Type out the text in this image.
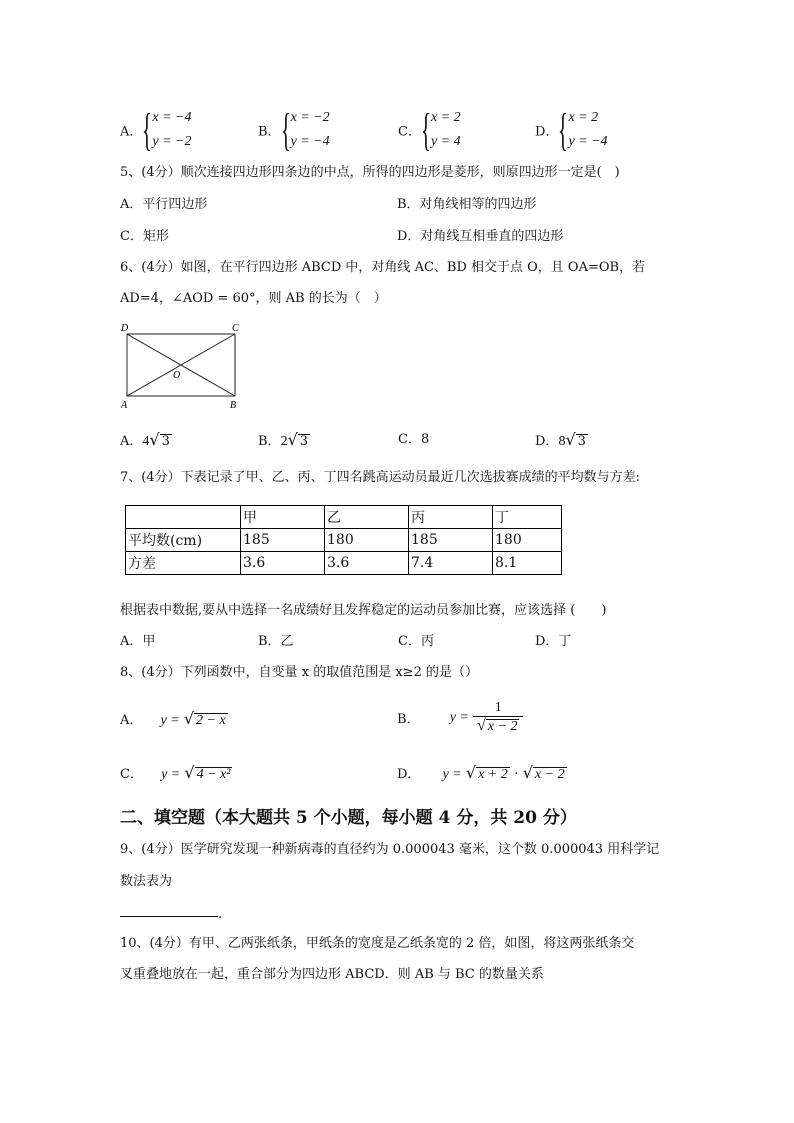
A． { x = −4
y = −2
B． { x = −2
y = −4
C． { x = 2
y = 4
D． { x = 2
y = −4
5、(4分）顺次连接四边形四条边的中点，所得的四边形是菱形，则原四边形一定是(　)
A．平行四边形	B．对角线相等的四边形
C．矩形	D．对角线互相垂直的四边形
6、(4分）如图，在平行四边形 ABCD 中，对角线 AC、BD 相交于点 O，且 OA=OB，若
AD=4，∠AOD = 60°，则 AB 的长为（　）
D	C
O
A	B
A．4√ 3	B．2√ 3	C．8	D．8√ 3
7、(4分）下表记录了甲、乙、丙、丁四名跳高运动员最近几次选拔赛成绩的平均数与方差:
	甲	乙	丙	丁
平均数(cm)	185	180	185	180
方差	3.6	3.6	7.4	8.1
根据表中数据,要从中选择一名成绩好且发挥稳定的运动员参加比赛，应该选择 (　　)
A．甲	B．乙	C．丙	D．丁
8、(4分）下列函数中，自变量 x 的取值范围是 x≥2 的是（）
A． y = √ 2 − x	B． $y = \frac{1}{√ x - 2}$
C． y = √ 4 − x²	D． y = √ x + 2 · √ x − 2
二、填空题（本大题共 5 个小题，每小题 4 分，共 20 分）
9、(4分）医学研究发现一种新病毒的直径约为 0.000043 毫米，这个数 0.000043 用科学记
数法表为
.
10、(4分）有甲、乙两张纸条，甲纸条的宽度是乙纸条宽的 2 倍，如图，将这两张纸条交
叉重叠地放在一起，重合部分为四边形 ABCD．则 AB 与 BC 的数量关系
